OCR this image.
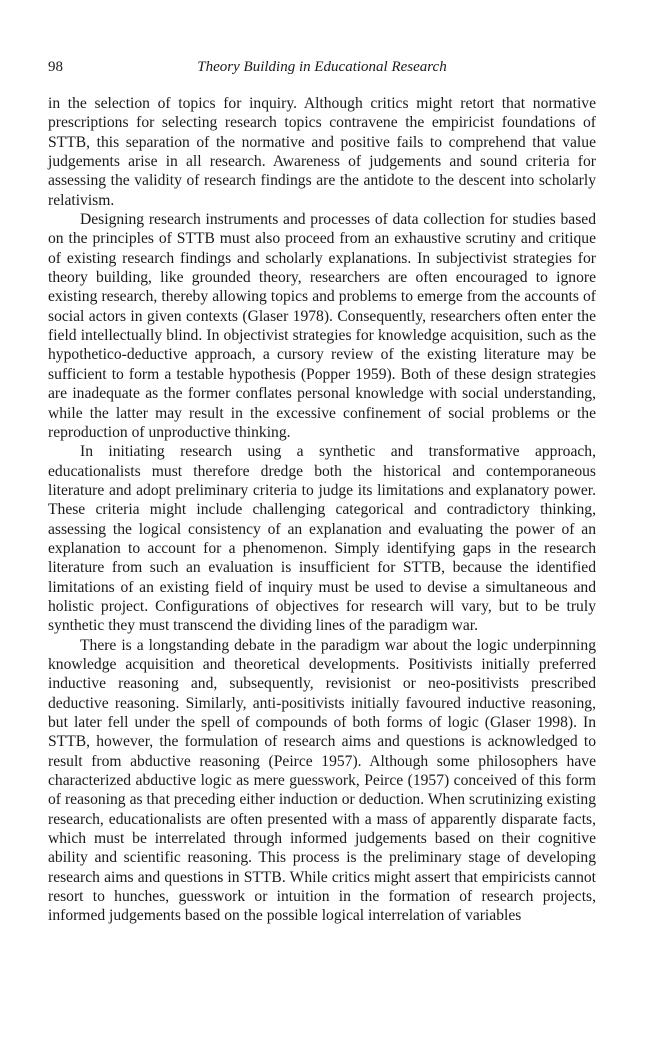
98	Theory Building in Educational Research

in the selection of topics for inquiry. Although critics might retort that normative prescriptions for selecting research topics contravene the empiricist foundations of STTB, this separation of the normative and positive fails to comprehend that value judgements arise in all research. Awareness of judgements and sound criteria for assessing the validity of research findings are the antidote to the descent into scholarly relativism.

Designing research instruments and processes of data collection for studies based on the principles of STTB must also proceed from an exhaustive scrutiny and critique of existing research findings and scholarly explanations. In subjectivist strategies for theory building, like grounded theory, researchers are often encouraged to ignore existing research, thereby allowing topics and problems to emerge from the accounts of social actors in given contexts (Glaser 1978). Consequently, researchers often enter the field intellectually blind. In objectivist strategies for knowledge acquisition, such as the hypothetico-deductive approach, a cursory review of the existing literature may be sufficient to form a testable hypothesis (Popper 1959). Both of these design strategies are inadequate as the former conflates personal knowledge with social understanding, while the latter may result in the excessive confinement of social problems or the reproduction of unproductive thinking.

In initiating research using a synthetic and transformative approach, educationalists must therefore dredge both the historical and contemporaneous literature and adopt preliminary criteria to judge its limitations and explanatory power. These criteria might include challenging categorical and contradictory thinking, assessing the logical consistency of an explanation and evaluating the power of an explanation to account for a phenomenon. Simply identifying gaps in the research literature from such an evaluation is insufficient for STTB, because the identified limitations of an existing field of inquiry must be used to devise a simultaneous and holistic project. Configurations of objectives for research will vary, but to be truly synthetic they must transcend the dividing lines of the paradigm war.

There is a longstanding debate in the paradigm war about the logic underpinning knowledge acquisition and theoretical developments. Positivists initially preferred inductive reasoning and, subsequently, revisionist or neo-positivists prescribed deductive reasoning. Similarly, anti-positivists initially favoured inductive reasoning, but later fell under the spell of compounds of both forms of logic (Glaser 1998). In STTB, however, the formulation of research aims and questions is acknowledged to result from abductive reasoning (Peirce 1957). Although some philosophers have characterized abductive logic as mere guesswork, Peirce (1957) conceived of this form of reasoning as that preceding either induction or deduction. When scrutinizing existing research, educationalists are often presented with a mass of apparently disparate facts, which must be interrelated through informed judgements based on their cognitive ability and scientific reasoning. This process is the preliminary stage of developing research aims and questions in STTB. While critics might assert that empiricists cannot resort to hunches, guesswork or intuition in the formation of research projects, informed judgements based on the possible logical interrelation of variables
